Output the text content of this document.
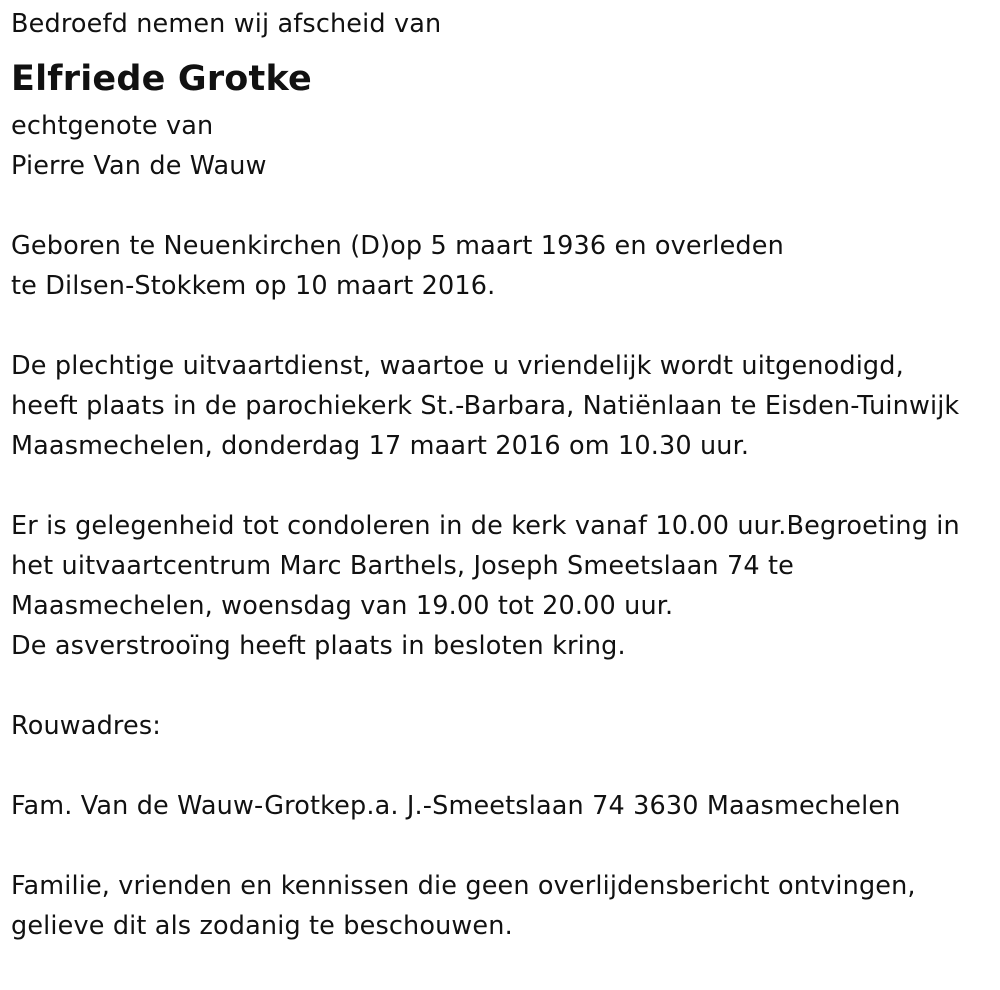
Bedroefd nemen wij afscheid van
Elfriede Grotke
echtgenote van
Pierre Van de Wauw
Geboren te Neuenkirchen (D)op 5 maart 1936 en overleden
te Dilsen-Stokkem op 10 maart 2016.
De plechtige uitvaartdienst, waartoe u vriendelijk wordt uitgenodigd,
heeft plaats in de parochiekerk St.-Barbara, Natiënlaan te Eisden-Tuinwijk
Maasmechelen, donderdag 17 maart 2016 om 10.30 uur.
Er is gelegenheid tot condoleren in de kerk vanaf 10.00 uur.Begroeting in
het uitvaartcentrum Marc Barthels, Joseph Smeetslaan 74 te
Maasmechelen, woensdag van 19.00 tot 20.00 uur.
De asverstrooïng heeft plaats in besloten kring.
Rouwadres:
Fam. Van de Wauw-Grotkep.a. J.-Smeetslaan 74 3630 Maasmechelen
Familie, vrienden en kennissen die geen overlijdensbericht ontvingen,
gelieve dit als zodanig te beschouwen.
